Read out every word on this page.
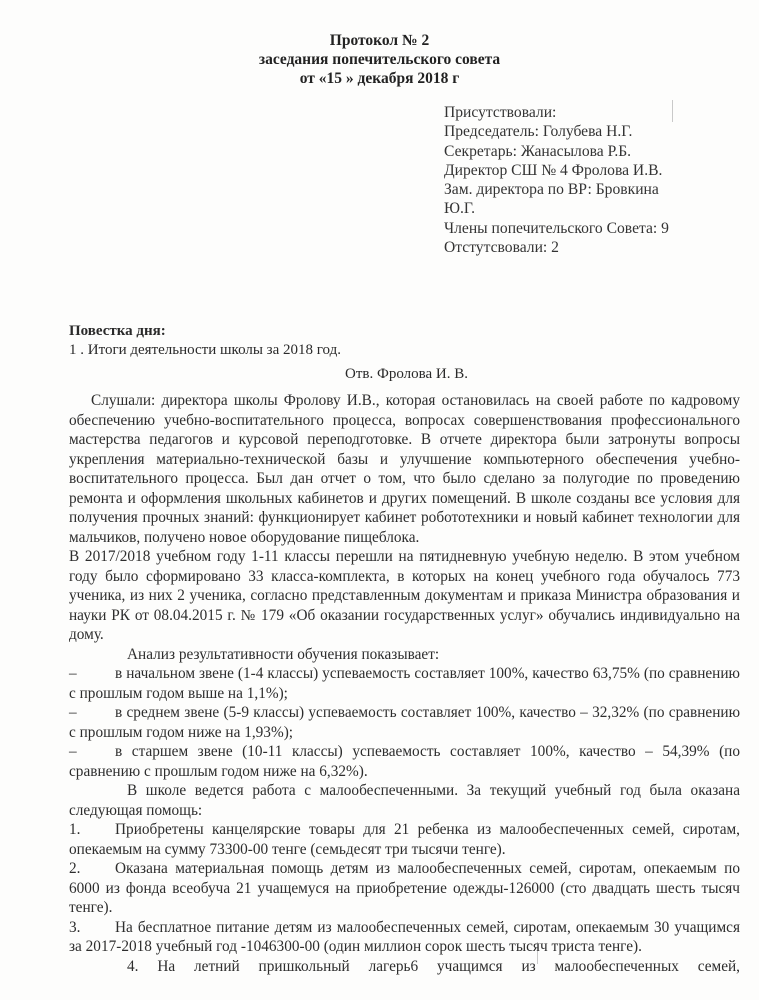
Протокол № 2
заседания попечительского совета
от «15 » декабря 2018 г
Присутствовали:
Председатель: Голубева Н.Г.
Секретарь: Жанасылова Р.Б.
Директор СШ № 4 Фролова И.В.
Зам. директора по ВР: Бровкина
Ю.Г.
Члены попечительского Совета: 9
Отстутсвовали: 2
Повестка дня:
1 . Итоги деятельности школы за 2018 год.
Отв. Фролова И. В.
Слушали: директора школы Фролову И.В., которая остановилась на своей работе по кадровому обеспечению учебно-воспитательного процесса, вопросах совершенствования профессионального мастерства педагогов и курсовой переподготовке. В отчете директора были затронуты вопросы укрепления материально-технической базы и улучшение компьютерного обеспечения учебно-воспитательного процесса. Был дан отчет о том, что было сделано за полугодие по проведению ремонта и оформления школьных кабинетов и других помещений. В школе созданы все условия для получения прочных знаний: функционирует кабинет робототехники и новый кабинет технологии для мальчиков, получено новое оборудование пищеблока.
В 2017/2018 учебном году 1-11 классы перешли на пятидневную учебную неделю. В этом учебном году было сформировано 33 класса-комплекта, в которых на конец учебного года обучалось 773 ученика, из них 2 ученика, согласно представленным документам и приказа Министра образования и науки РК от 08.04.2015 г. № 179 «Об оказании государственных услуг» обучались индивидуально на дому.
Анализ результативности обучения показывает:
–	в начальном звене (1-4 классы) успеваемость составляет 100%, качество 63,75% (по сравнению с прошлым годом выше на 1,1%);
–	в среднем звене (5-9 классы) успеваемость составляет 100%, качество – 32,32% (по сравнению с прошлым годом ниже на 1,93%);
–	в старшем звене (10-11 классы) успеваемость составляет 100%, качество – 54,39% (по сравнению с прошлым годом ниже на 6,32%).
В школе ведется работа с малообеспеченными. За текущий учебный год была оказана следующая помощь:
1. Приобретены канцелярские товары для 21 ребенка из малообеспеченных семей, сиротам, опекаемым на сумму 73300-00 тенге (семьдесят три тысячи тенге).
2. Оказана материальная помощь детям из малообеспеченных семей, сиротам, опекаемым по 6000 из фонда всеобуча 21 учащемуся на приобретение одежды-126000 (сто двадцать шесть тысяч тенге).
3. На бесплатное питание детям из малообеспеченных семей, сиротам, опекаемым 30 учащимся за 2017-2018 учебный год -1046300-00 (один миллион сорок шесть тысяч триста тенге).
4. На летний пришкольный лагерь6 учащимся из малообеспеченных семей,
